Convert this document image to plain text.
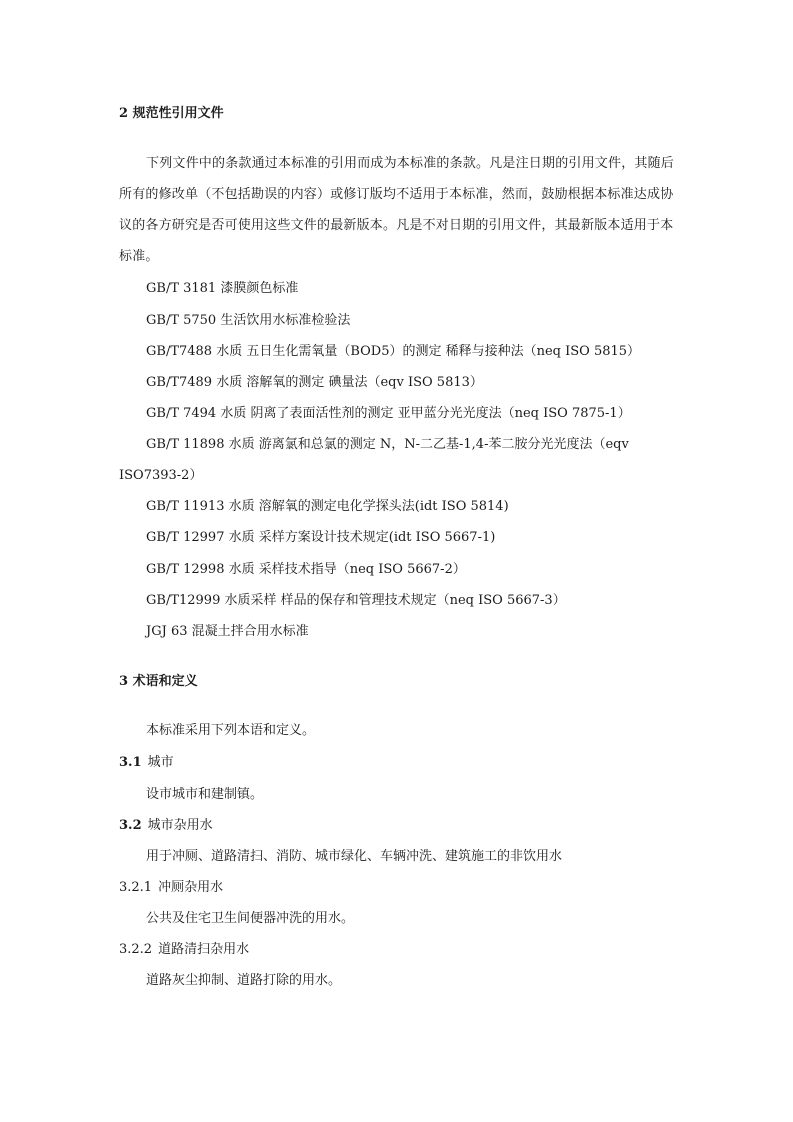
2 规范性引用文件
下列文件中的条款通过本标准的引用而成为本标准的条款。凡是注日期的引用文件，其随后所有的修改单（不包括勘误的内容）或修订版均不适用于本标准，然而，鼓励根据本标准达成协议的各方研究是否可使用这些文件的最新版本。凡是不对日期的引用文件，其最新版本适用于本标准。
GB/T 3181 漆膜颜色标准
GB/T 5750 生活饮用水标准检验法
GB/T7488 水质 五日生化需氧量（BOD5）的测定 稀释与接种法（neq ISO 5815）
GB/T7489 水质 溶解氧的测定 碘量法（eqv ISO 5813）
GB/T 7494 水质 阴离了表面活性剂的测定 亚甲蓝分光光度法（neq ISO 7875-1）
GB/T 11898 水质 游离氯和总氯的测定 N，N-二乙基-1,4-苯二胺分光光度法（eqv
ISO7393-2）
GB/T 11913 水质 溶解氧的测定电化学探头法(idt ISO 5814)
GB/T 12997 水质 采样方案设计技术规定(idt ISO 5667-1)
GB/T 12998 水质 采样技术指导（neq ISO 5667-2）
GB/T12999 水质采样 样品的保存和管理技术规定（neq ISO 5667-3）
JGJ 63 混凝土拌合用水标准
3 术语和定义
本标准采用下列本语和定义。
3.1 城市
设市城市和建制镇。
3.2 城市杂用水
用于冲厕、道路清扫、消防、城市绿化、车辆冲洗、建筑施工的非饮用水
3.2.1 冲厕杂用水
公共及住宅卫生间便器冲洗的用水。
3.2.2 道路清扫杂用水
道路灰尘抑制、道路打除的用水。
